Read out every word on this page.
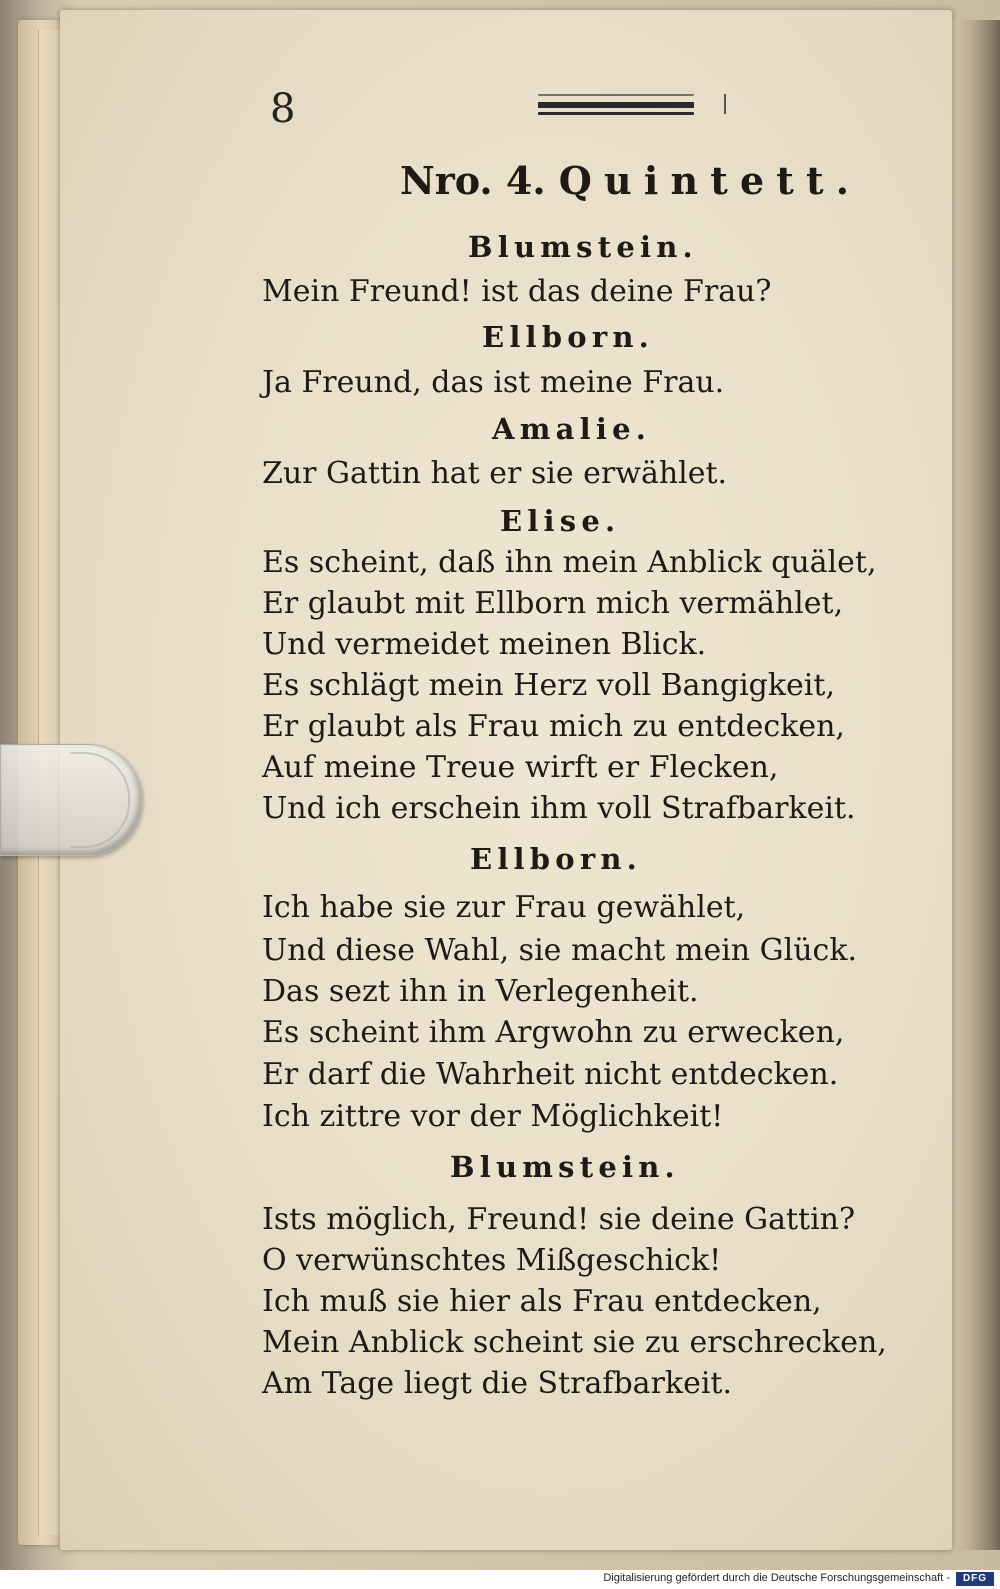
8
Nro. 4. Quintett.
Blumstein.
Mein Freund! ist das deine Frau?
Ellborn.
Ja Freund, das ist meine Frau.
Amalie.
Zur Gattin hat er sie erwählet.
Elise.
Es scheint, daß ihn mein Anblick quälet,
Er glaubt mit Ellborn mich vermählet,
Und vermeidet meinen Blick.
Es schlägt mein Herz voll Bangigkeit,
Er glaubt als Frau mich zu entdecken,
Auf meine Treue wirft er Flecken,
Und ich erschein ihm voll Strafbarkeit.
Ellborn.
Ich habe sie zur Frau gewählet,
Und diese Wahl, sie macht mein Glück.
Das sezt ihn in Verlegenheit.
Es scheint ihm Argwohn zu erwecken,
Er darf die Wahrheit nicht entdecken.
Ich zittre vor der Möglichkeit!
Blumstein.
Ists möglich, Freund! sie deine Gattin?
O verwünschtes Mißgeschick!
Ich muß sie hier als Frau entdecken,
Mein Anblick scheint sie zu erschrecken,
Am Tage liegt die Strafbarkeit.
Digitalisierung gefördert durch die Deutsche Forschungsgemeinschaft -	DFG
